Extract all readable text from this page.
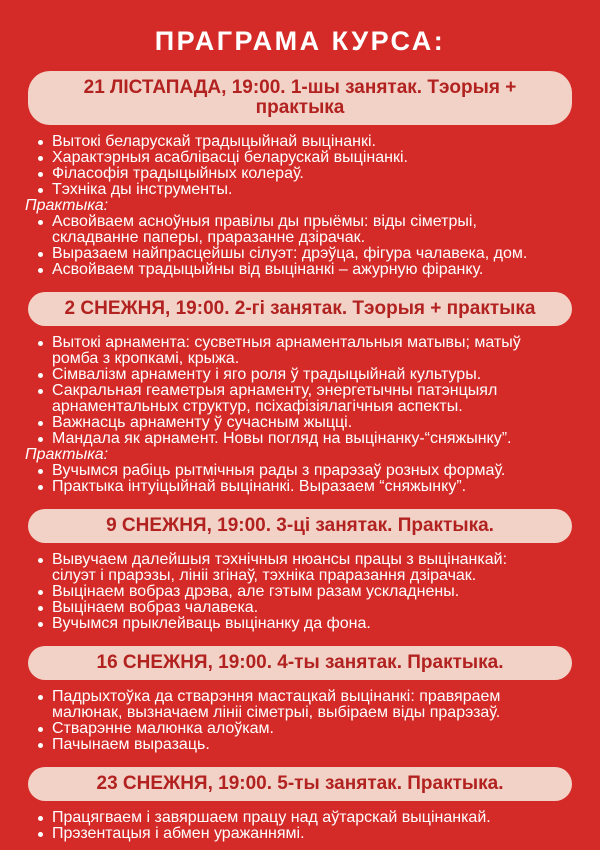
ПРАГРАМА КУРСА:
21 ЛІСТАПАДА, 19:00. 1-шы занятак. Тэорыя + практыка
Вытокі беларускай традыцыйнай выцінанкі.
Характэрныя асаблівасці беларускай выцінанкі.
Філасофія традыцыйных колераў.
Тэхніка ды інструменты.
Практыка:
Асвойваем асноўныя правілы ды прыёмы: віды сіметрыі, складванне паперы, праразанне дзірачак.
Выразаем найпрасцейшы сілуэт: дрэўца, фігура чалавека, дом.
Асвойваем традыцыйны від выцінанкі – ажурную фіранку.
2 СНЕЖНЯ, 19:00. 2-гі занятак. Тэорыя + практыка
Вытокі арнамента: сусветныя арнаментальныя матывы; матыў ромба з кропкамі, крыжа.
Сімвалізм арнаменту і яго роля ў традыцыйнай культуры.
Сакральная геаметрыя арнаменту, энергетычны патэнцыял арнаментальных структур, псіхафізіялагічныя аспекты.
Важнасць арнаменту ў сучасным жыцці.
Мандала як арнамент. Новы погляд на выцінанку-“сняжынку”.
Практыка:
Вучымся рабіць рытмічныя рады з прарэзаў розных формаў.
Практыка інтуіцыйнай выцінанкі. Выразаем “сняжынку”.
9 СНЕЖНЯ, 19:00. 3-ці занятак. Практыка.
Вывучаем далейшыя тэхнічныя нюансы працы з выцінанкай: сілуэт і прарэзы, лініі згінаў, тэхніка праразання дзірачак.
Выцінаем вобраз дрэва, але гэтым разам ускладнены.
Выцінаем вобраз чалавека.
Вучымся прыклейваць выцінанку да фона.
16 СНЕЖНЯ, 19:00. 4-ты занятак. Практыка.
Падрыхтоўка да стварэння мастацкай выцінанкі: правяраем малюнак, вызначаем лініі сіметрыі, выбіраем віды прарэзаў.
Стварэнне малюнка алоўкам.
Пачынаем выразаць.
23 СНЕЖНЯ, 19:00. 5-ты занятак. Практыка.
Працягваем і завяршаем працу над аўтарскай выцінанкай.
Прэзентацыя і абмен уражаннямі.
